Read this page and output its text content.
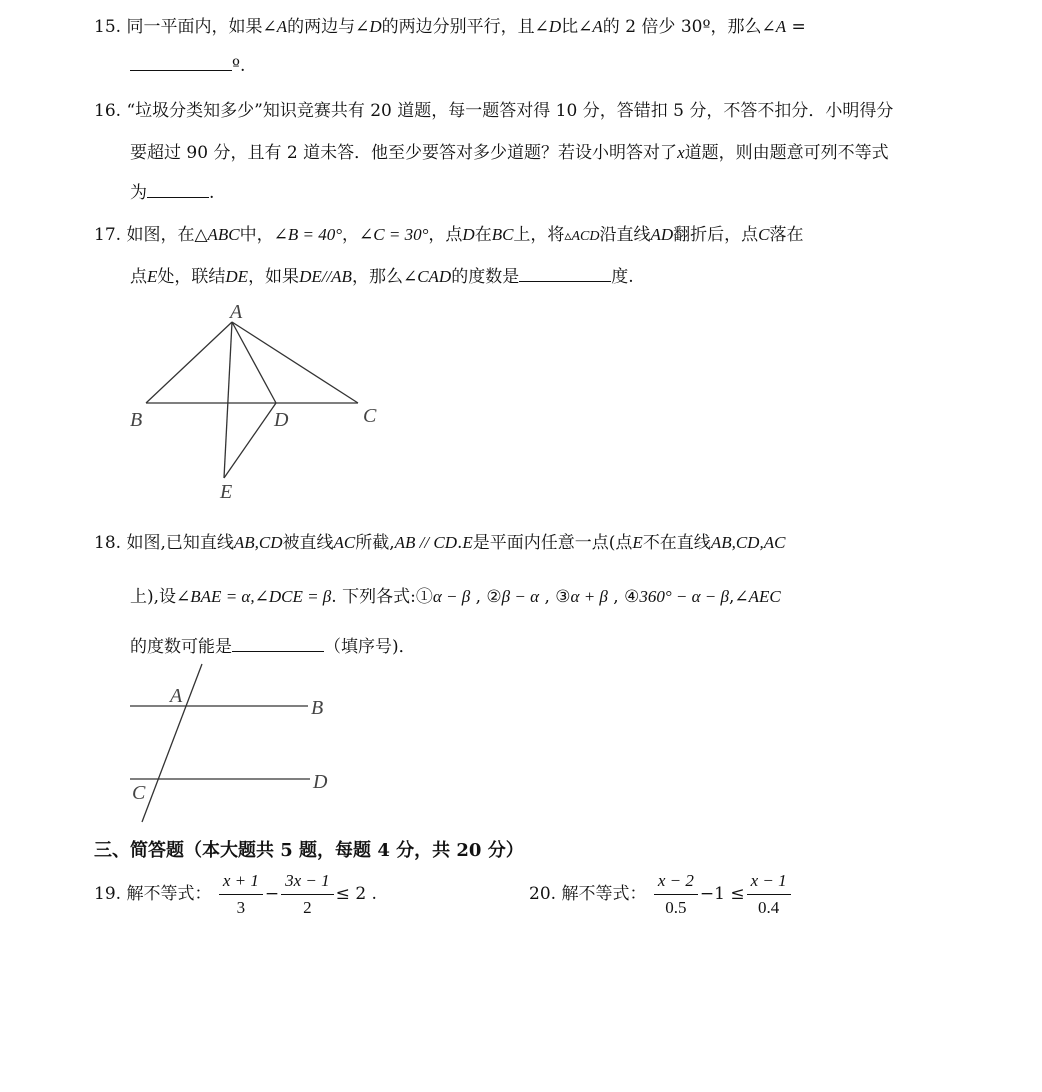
15. 同一平面内，如果∠A的两边与∠D的两边分别平行，且∠D比∠A的 2 倍少 30º，那么∠A =
º.
16. “垃圾分类知多少”知识竞赛共有 20 道题，每一题答对得 10 分，答错扣 5 分，不答不扣分．小明得分
要超过 90 分，且有 2 道未答．他至少要答对多少道题？若设小明答对了x道题，则由题意可列不等式
为	.
17. 如图，在△ABC中，∠B = 40°，∠C = 30°，点D在BC上，将▵ACD沿直线AD翻折后，点C落在
点E处，联结DE，如果DE//AB，那么∠CAD的度数是	度.
A
B	D	C
E
18. 如图,已知直线AB,CD被直线AC所截,AB // CD.E是平面内任意一点(点E不在直线AB,CD,AC
上),设∠BAE = α,∠DCE = β. 下列各式:①α − β , ②β − α , ③α + β , ④360° − α − β,∠AEC
的度数可能是	（填序号)．
A
B
C	D
三、简答题（本大题共 5 题，每题 4 分，共 20 分）
19. 解不等式： $\frac{x + 1}{3} - \frac{3x - 1}{2} \le 2$ .	20. 解不等式： $\frac{x - 2}{0.5} -1 \le \frac{x - 1}{0.4}$
